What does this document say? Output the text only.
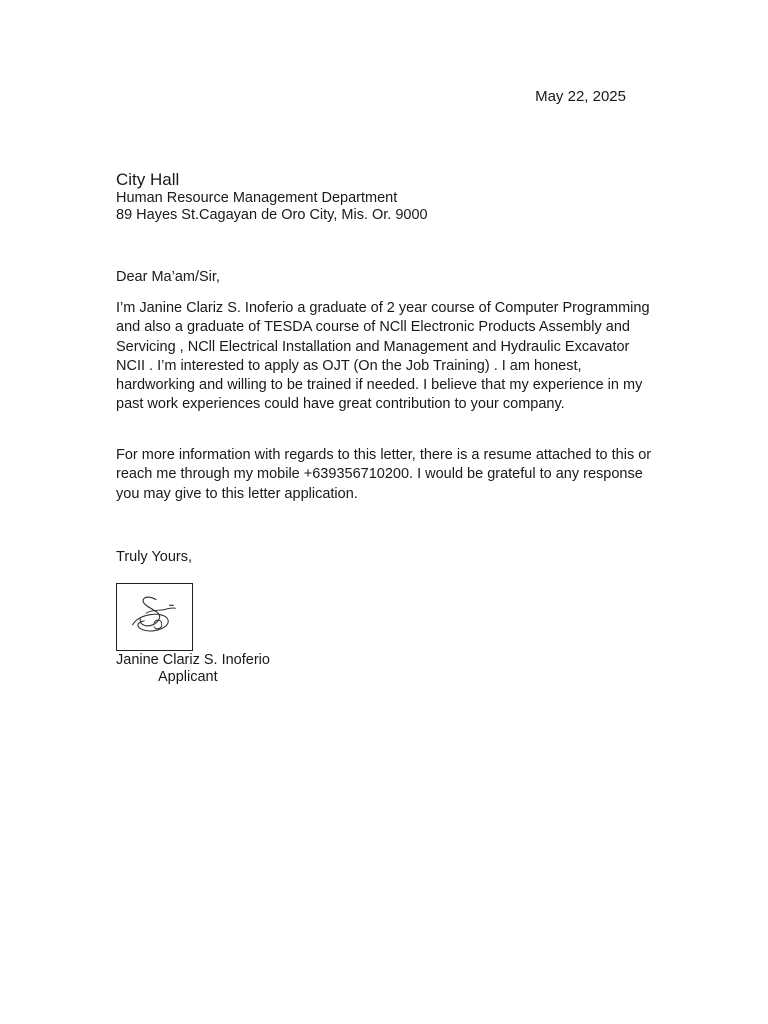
May 22, 2025
City Hall
Human Resource Management Department
89 Hayes St.Cagayan de Oro City, Mis. Or. 9000
Dear Ma’am/Sir,
I’m Janine Clariz S. Inoferio a graduate of 2 year course of Computer Programming and also a graduate of TESDA course of NCll Electronic Products Assembly and Servicing , NCll Electrical Installation and Management and Hydraulic Excavator NCII . I’m interested to apply as OJT (On the Job Training) . I am honest, hardworking and willing to be trained if needed. I believe that my experience in my past work experiences could have great contribution to your company.
For more information with regards to this letter, there is a resume attached to this or reach me through my mobile +639356710200. I would be grateful to any response you may give to this letter application.
Truly Yours,
Janine Clariz S. Inoferio
Applicant
